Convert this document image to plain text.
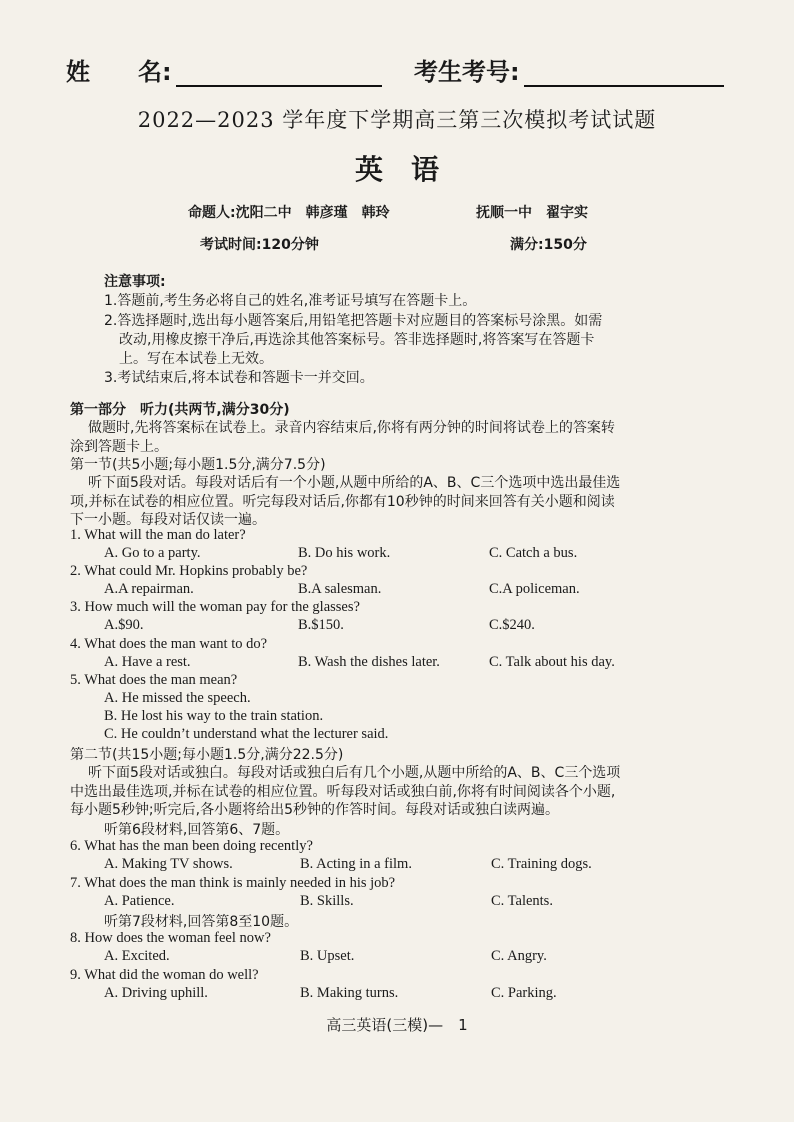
姓　　名:	考生考号:
2022—2023 学年度下学期高三第三次模拟考试试题
英　语
命题人:沈阳二中　韩彦瑾　韩玲	抚顺一中　翟宇实
考试时间:120分钟	满分:150分
注意事项:
1.答题前,考生务必将自己的姓名,准考证号填写在答题卡上。
2.答选择题时,选出每小题答案后,用铅笔把答题卡对应题目的答案标号涂黑。如需
改动,用橡皮擦干净后,再选涂其他答案标号。答非选择题时,将答案写在答题卡
上。写在本试卷上无效。
3.考试结束后,将本试卷和答题卡一并交回。
第一部分　听力(共两节,满分30分)
做题时,先将答案标在试卷上。录音内容结束后,你将有两分钟的时间将试卷上的答案转
涂到答题卡上。
第一节(共5小题;每小题1.5分,满分7.5分)
听下面5段对话。每段对话后有一个小题,从题中所给的A、B、C三个选项中选出最佳选
项,并标在试卷的相应位置。听完每段对话后,你都有10秒钟的时间来回答有关小题和阅读
下一小题。每段对话仅读一遍。
1. What will the man do later?
A. Go to a party.	B. Do his work.	C. Catch a bus.
2. What could Mr. Hopkins probably be?
A.A repairman.	B.A salesman.	C.A policeman.
3. How much will the woman pay for the glasses?
A.$90.	B.$150.	C.$240.
4. What does the man want to do?
A. Have a rest.	B. Wash the dishes later.	C. Talk about his day.
5. What does the man mean?
A. He missed the speech.
B. He lost his way to the train station.
C. He couldn’t understand what the lecturer said.
第二节(共15小题;每小题1.5分,满分22.5分)
听下面5段对话或独白。每段对话或独白后有几个小题,从题中所给的A、B、C三个选项
中选出最佳选项,并标在试卷的相应位置。听每段对话或独白前,你将有时间阅读各个小题,
每小题5秒钟;听完后,各小题将给出5秒钟的作答时间。每段对话或独白读两遍。
听第6段材料,回答第6、7题。
6. What has the man been doing recently?
A. Making TV shows.	B. Acting in a film.	C. Training dogs.
7. What does the man think is mainly needed in his job?
A. Patience.	B. Skills.	C. Talents.
听第7段材料,回答第8至10题。
8. How does the woman feel now?
A. Excited.	B. Upset.	C. Angry.
9. What did the woman do well?
A. Driving uphill.	B. Making turns.	C. Parking.
高三英语(三模)—　1
